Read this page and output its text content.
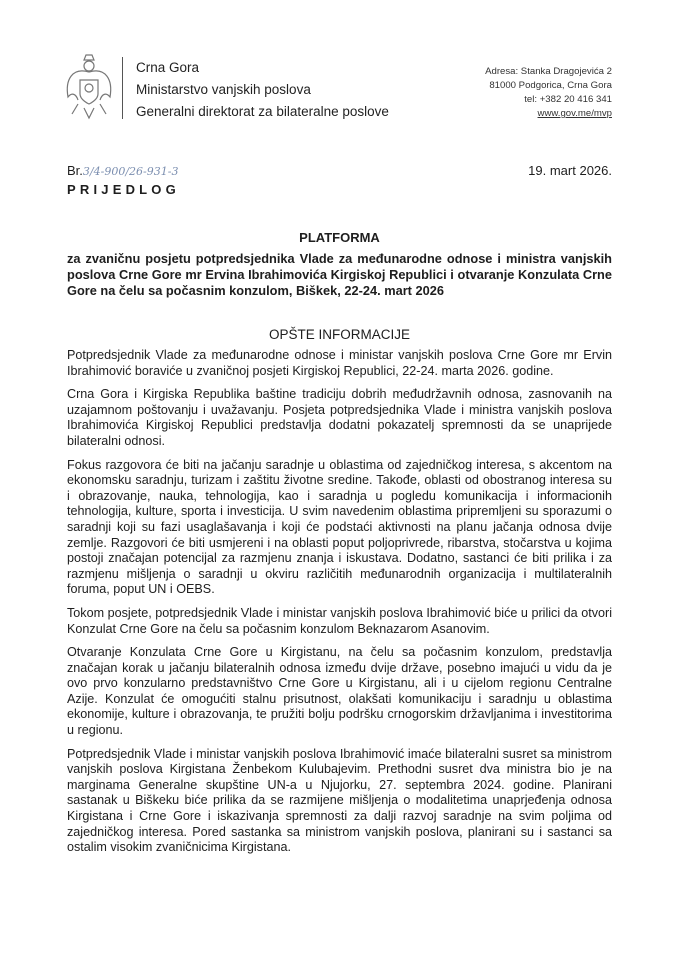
Crna Gora
Ministarstvo vanjskih poslova
Generalni direktorat za bilateralne poslove
Adresa: Stanka Dragojevića 2
81000 Podgorica, Crna Gora
tel: +382 20 416 341
www.gov.me/mvp
Br.3/4-900/26-931-3	19. mart 2026.
PRIJEDLOG
PLATFORMA
za zvaničnu posjetu potpredsjednika Vlade za međunarodne odnose i ministra vanjskih poslova Crne Gore mr Ervina Ibrahimovića Kirgiskoj Republici i otvaranje Konzulata Crne Gore na čelu sa počasnim konzulom, Biškek, 22-24. mart 2026
OPŠTE INFORMACIJE

Potpredsjednik Vlade za međunarodne odnose i ministar vanjskih poslova Crne Gore mr Ervin Ibrahimović boraviće u zvaničnoj posjeti Kirgiskoj Republici, 22-24. marta 2026. godine.

Crna Gora i Kirgiska Republika baštine tradiciju dobrih međudržavnih odnosa, zasnovanih na uzajamnom poštovanju i uvažavanju. Posjeta potpredsjednika Vlade i ministra vanjskih poslova Ibrahimovića Kirgiskoj Republici predstavlja dodatni pokazatelj spremnosti da se unaprijede bilateralni odnosi.

Fokus razgovora će biti na jačanju saradnje u oblastima od zajedničkog interesa, s akcentom na ekonomsku saradnju, turizam i zaštitu životne sredine. Takođe, oblasti od obostranog interesa su i obrazovanje, nauka, tehnologija, kao i saradnja u pogledu komunikacija i informacionih tehnologija, kulture, sporta i investicija. U svim navedenim oblastima pripremljeni su sporazumi o saradnji koji su fazi usaglašavanja i koji će podstaći aktivnosti na planu jačanja odnosa dvije zemlje. Razgovori će biti usmjereni i na oblasti poput poljoprivrede, ribarstva, stočarstva u kojima postoji značajan potencijal za razmjenu znanja i iskustava. Dodatno, sastanci će biti prilika i za razmjenu mišljenja o saradnji u okviru različitih međunarodnih organizacija i multilateralnih foruma, poput UN i OEBS.

Tokom posjete, potpredsjednik Vlade i ministar vanjskih poslova Ibrahimović biće u prilici da otvori Konzulat Crne Gore na čelu sa počasnim konzulom Beknazarom Asanovim.

Otvaranje Konzulata Crne Gore u Kirgistanu, na čelu sa počasnim konzulom, predstavlja značajan korak u jačanju bilateralnih odnosa između dvije države, posebno imajući u vidu da je ovo prvo konzularno predstavništvo Crne Gore u Kirgistanu, ali i u cijelom regionu Centralne Azije. Konzulat će omogućiti stalnu prisutnost, olakšati komunikaciju i saradnju u oblastima ekonomije, kulture i obrazovanja, te pružiti bolju podršku crnogorskim državljanima i investitorima u regionu.

Potpredsjednik Vlade i ministar vanjskih poslova Ibrahimović imaće bilateralni susret sa ministrom vanjskih poslova Kirgistana Ženbekom Kulubajevim. Prethodni susret dva ministra bio je na marginama Generalne skupštine UN-a u Njujorku, 27. septembra 2024. godine. Planirani sastanak u Biškeku biće prilika da se razmijene mišljenja o modalitetima unaprjeđenja odnosa Kirgistana i Crne Gore i iskazivanja spremnosti za dalji razvoj saradnje na svim poljima od zajedničkog interesa. Pored sastanka sa ministrom vanjskih poslova, planirani su i sastanci sa ostalim visokim zvaničnicima Kirgistana.
